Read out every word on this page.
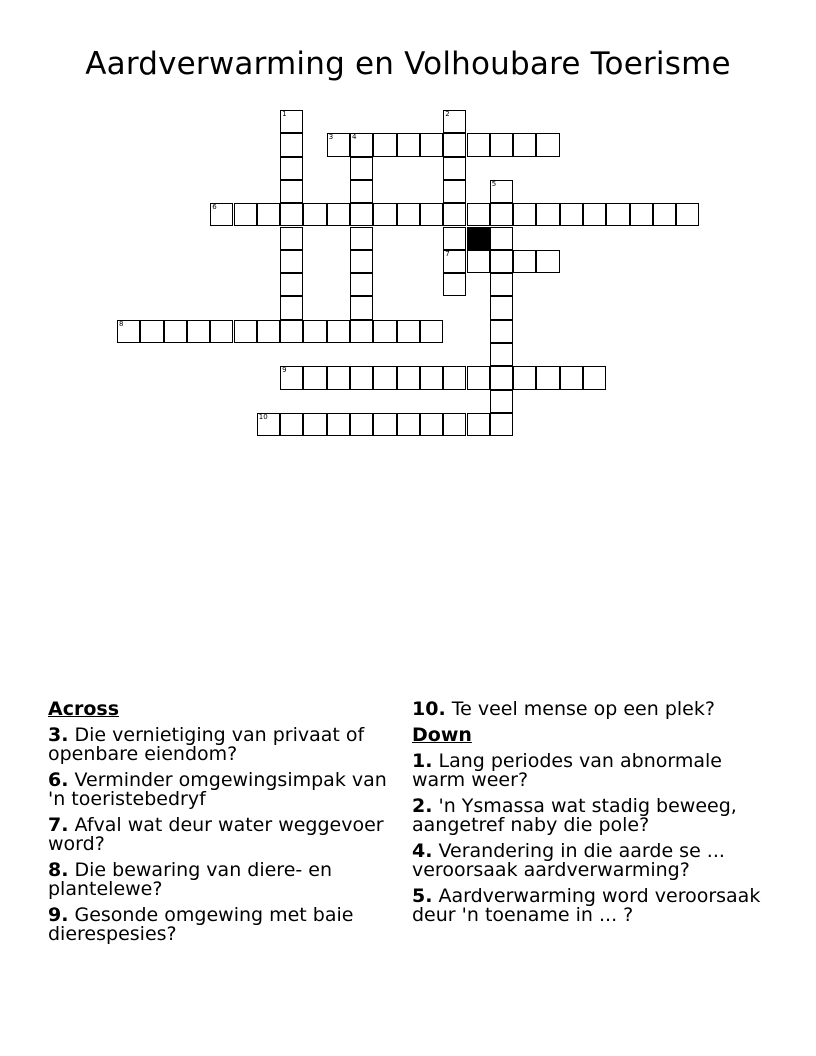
Aardverwarming en Volhoubare Toerisme
1	2
7
3	4
5
6
8
9
10
Across
3. Die vernietiging van privaat of openbare eiendom?
6. Verminder omgewingsimpak van 'n toeristebedryf
7. Afval wat deur water weggevoer word?
8. Die bewaring van diere- en plantelewe?
9. Gesonde omgewing met baie dierespesies?
10. Te veel mense op een plek?
Down
1. Lang periodes van abnormale warm weer?
2. 'n Ysmassa wat stadig beweeg, aangetref naby die pole?
4. Verandering in die aarde se ... veroorsaak aardverwarming?
5. Aardverwarming word veroorsaak deur 'n toename in ... ?
